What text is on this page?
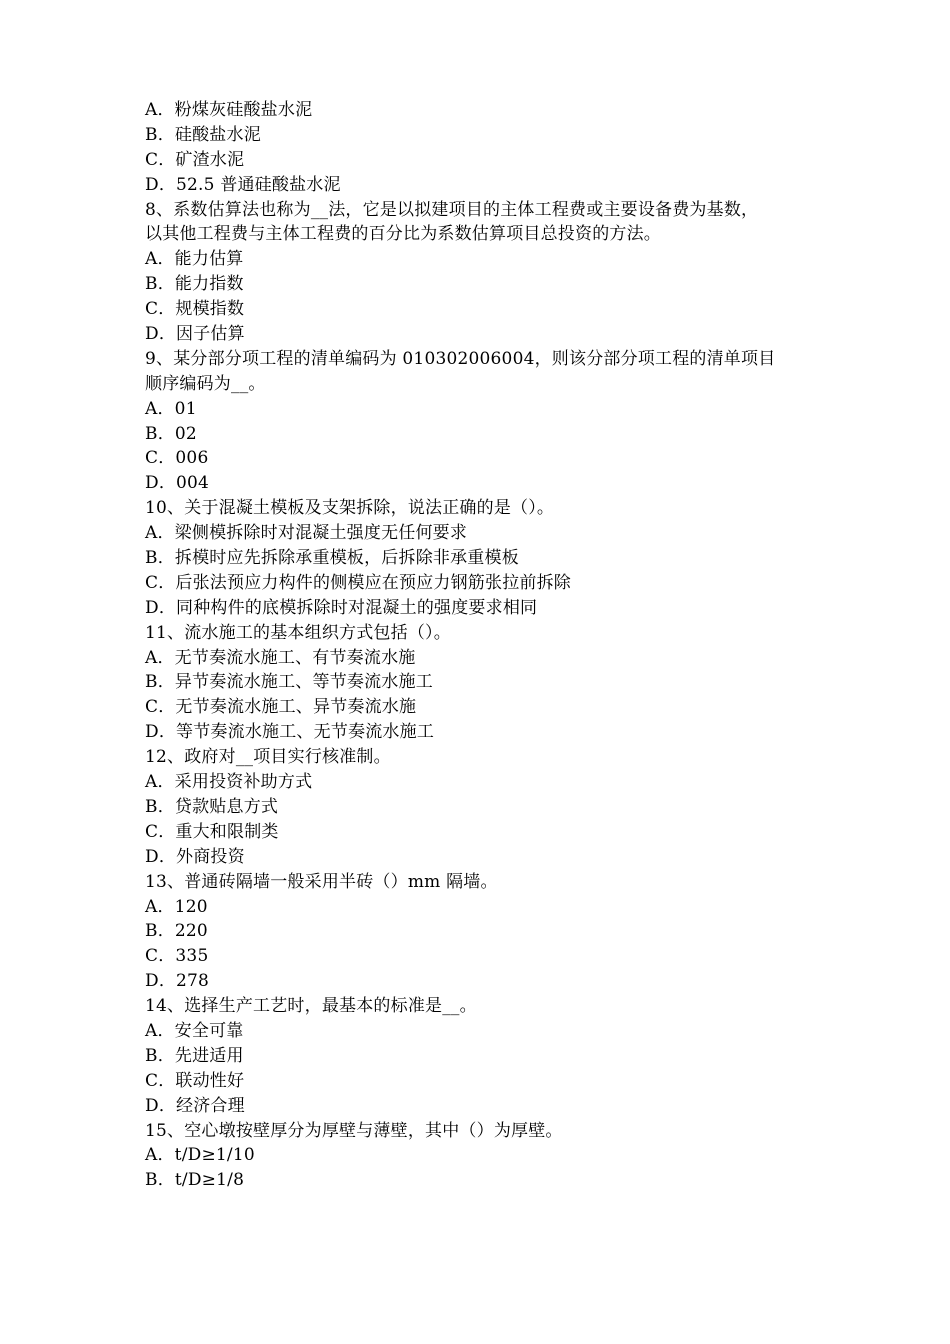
A．粉煤灰硅酸盐水泥
B．硅酸盐水泥
C．矿渣水泥
D．52.5 普通硅酸盐水泥
8、系数估算法也称为__法，它是以拟建项目的主体工程费或主要设备费为基数，
以其他工程费与主体工程费的百分比为系数估算项目总投资的方法。
A．能力估算
B．能力指数
C．规模指数
D．因子估算
9、某分部分项工程的清单编码为 010302006004，则该分部分项工程的清单项目
顺序编码为__。
A．01
B．02
C．006
D．004
10、关于混凝土模板及支架拆除，说法正确的是（）。
A．梁侧模拆除时对混凝土强度无任何要求
B．拆模时应先拆除承重模板，后拆除非承重模板
C．后张法预应力构件的侧模应在预应力钢筋张拉前拆除
D．同种构件的底模拆除时对混凝土的强度要求相同
11、流水施工的基本组织方式包括（）。
A．无节奏流水施工、有节奏流水施
B．异节奏流水施工、等节奏流水施工
C．无节奏流水施工、异节奏流水施
D．等节奏流水施工、无节奏流水施工
12、政府对__项目实行核准制。
A．采用投资补助方式
B．贷款贴息方式
C．重大和限制类
D．外商投资
13、普通砖隔墙一般采用半砖（）mm 隔墙。
A．120
B．220
C．335
D．278
14、选择生产工艺时，最基本的标准是__。
A．安全可靠
B．先进适用
C．联动性好
D．经济合理
15、空心墩按壁厚分为厚壁与薄壁，其中（）为厚壁。
A．t/D≥1/10
B．t/D≥1/8
